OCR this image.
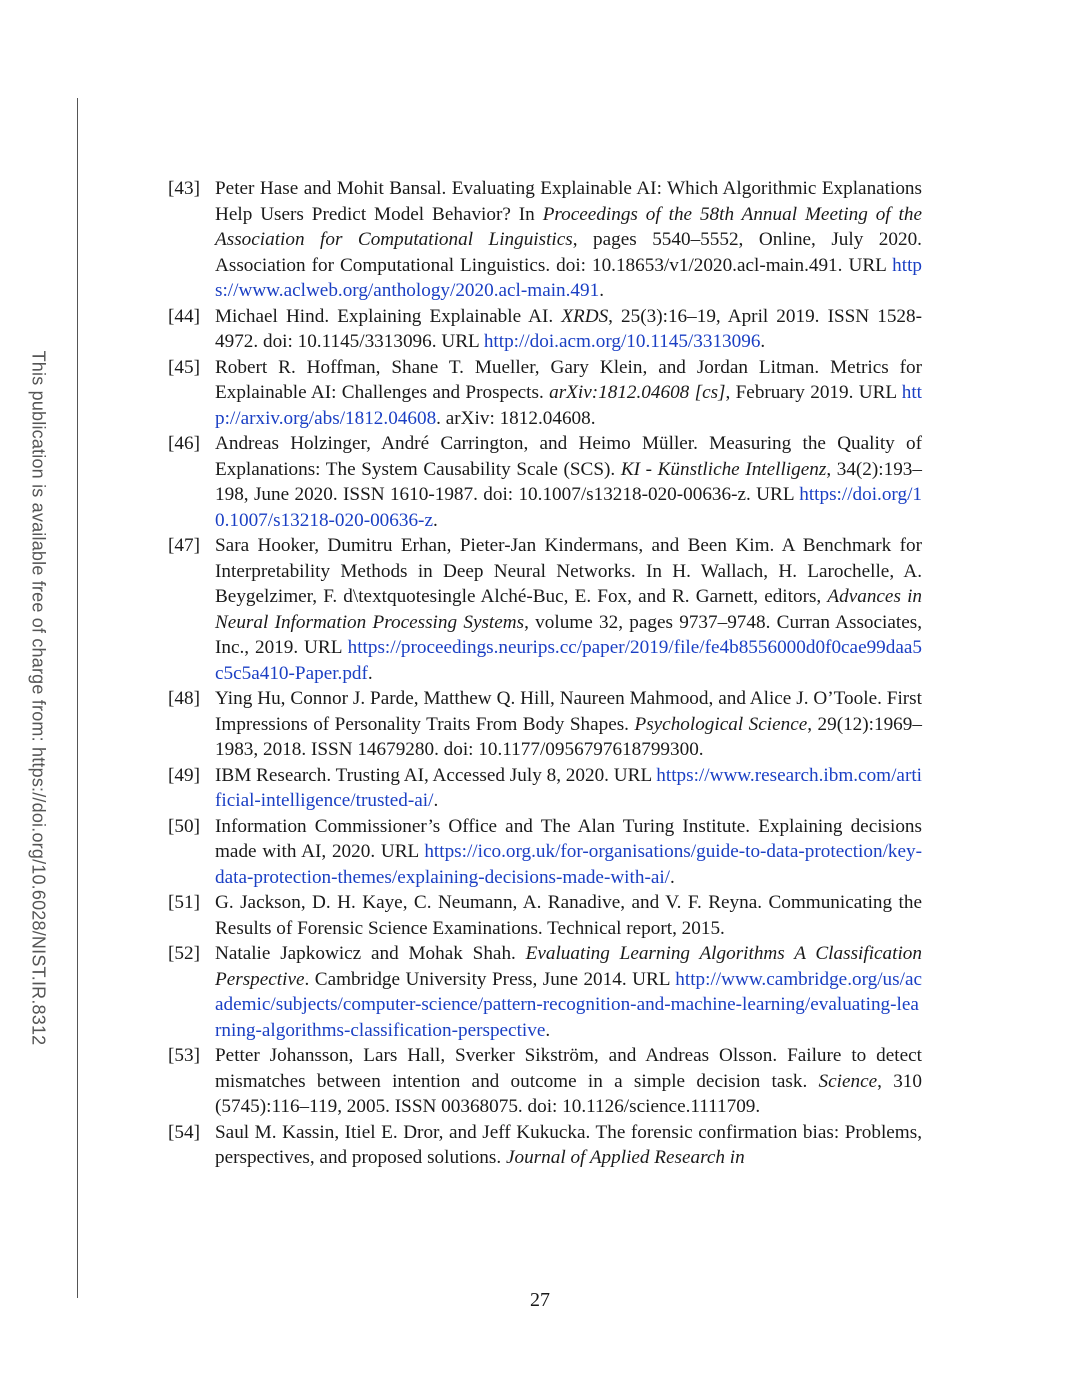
This publication is available free of charge from: https://doi.org/10.6028/NIST.IR.8312
[43] Peter Hase and Mohit Bansal. Evaluating Explainable AI: Which Algorithmic Explanations Help Users Predict Model Behavior? In Proceedings of the 58th Annual Meeting of the Association for Computational Linguistics, pages 5540–5552, Online, July 2020. Association for Computational Linguistics. doi: 10.18653/v1/2020.acl-main.491. URL https://www.aclweb.org/anthology/2020.acl-main.491.
[44] Michael Hind. Explaining Explainable AI. XRDS, 25(3):16–19, April 2019. ISSN 1528-4972. doi: 10.1145/3313096. URL http://doi.acm.org/10.1145/3313096.
[45] Robert R. Hoffman, Shane T. Mueller, Gary Klein, and Jordan Litman. Metrics for Explainable AI: Challenges and Prospects. arXiv:1812.04608 [cs], February 2019. URL http://arxiv.org/abs/1812.04608. arXiv: 1812.04608.
[46] Andreas Holzinger, André Carrington, and Heimo Müller. Measuring the Quality of Explanations: The System Causability Scale (SCS). KI - Künstliche Intelligenz, 34(2):193–198, June 2020. ISSN 1610-1987. doi: 10.1007/s13218-020-00636-z. URL https://doi.org/10.1007/s13218-020-00636-z.
[47] Sara Hooker, Dumitru Erhan, Pieter-Jan Kindermans, and Been Kim. A Benchmark for Interpretability Methods in Deep Neural Networks. In H. Wallach, H. Larochelle, A. Beygelzimer, F. d\textquotesingle Alché-Buc, E. Fox, and R. Garnett, editors, Advances in Neural Information Processing Systems, volume 32, pages 9737–9748. Curran Associates, Inc., 2019. URL https://proceedings.neurips.cc/paper/2019/file/fe4b8556000d0f0cae99daa5c5c5a410-Paper.pdf.
[48] Ying Hu, Connor J. Parde, Matthew Q. Hill, Naureen Mahmood, and Alice J. O’Toole. First Impressions of Personality Traits From Body Shapes. Psychological Science, 29(12):1969–1983, 2018. ISSN 14679280. doi: 10.1177/0956797618799300.
[49] IBM Research. Trusting AI, Accessed July 8, 2020. URL https://www.research.ibm.com/artificial-intelligence/trusted-ai/.
[50] Information Commissioner’s Office and The Alan Turing Institute. Explaining decisions made with AI, 2020. URL https://ico.org.uk/for-organisations/guide-to-data-protection/key-data-protection-themes/explaining-decisions-made-with-ai/.
[51] G. Jackson, D. H. Kaye, C. Neumann, A. Ranadive, and V. F. Reyna. Communicating the Results of Forensic Science Examinations. Technical report, 2015.
[52] Natalie Japkowicz and Mohak Shah. Evaluating Learning Algorithms A Classification Perspective. Cambridge University Press, June 2014. URL http://www.cambridge.org/us/academic/subjects/computer-science/pattern-recognition-and-machine-learning/evaluating-learning-algorithms-classification-perspective.
[53] Petter Johansson, Lars Hall, Sverker Sikström, and Andreas Olsson. Failure to detect mismatches between intention and outcome in a simple decision task. Science, 310 (5745):116–119, 2005. ISSN 00368075. doi: 10.1126/science.1111709.
[54] Saul M. Kassin, Itiel E. Dror, and Jeff Kukucka. The forensic confirmation bias: Problems, perspectives, and proposed solutions. Journal of Applied Research in
27
